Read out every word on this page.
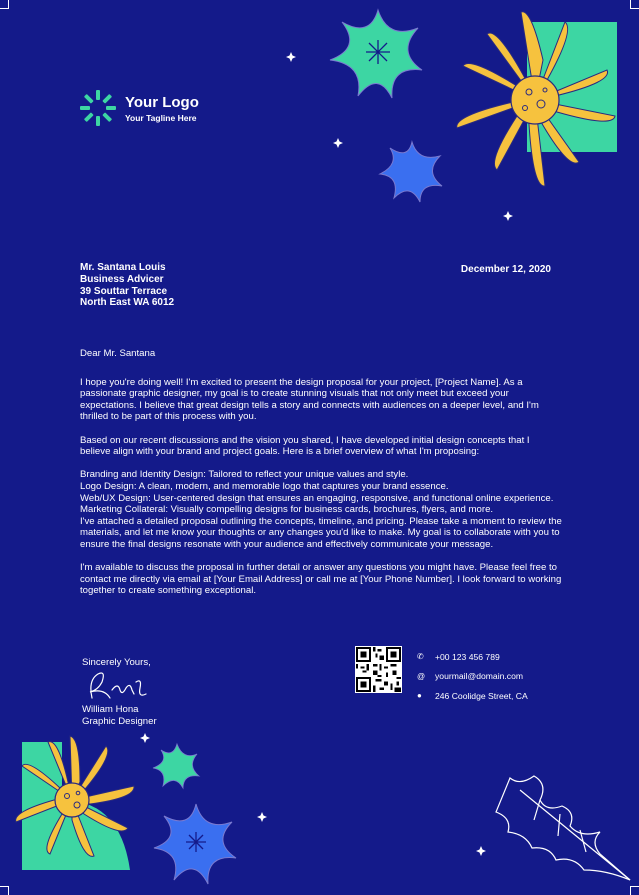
Your Logo
Your Tagline Here
Mr. Santana Louis
Business Advicer
39 Souttar Terrace
North East WA 6012
December 12, 2020

Dear Mr. Santana

I hope you're doing well! I'm excited to present the design proposal for your project, [Project Name]. As a passionate graphic designer, my goal is to create stunning visuals that not only meet but exceed your expectations. I believe that great design tells a story and connects with audiences on a deeper level, and I'm thrilled to be part of this process with you.

Based on our recent discussions and the vision you shared, I have developed initial design concepts that I believe align with your brand and project goals. Here is a brief overview of what I'm proposing:

Branding and Identity Design: Tailored to reflect your unique values and style.
Logo Design: A clean, modern, and memorable logo that captures your brand essence.
Web/UX Design: User-centered design that ensures an engaging, responsive, and functional online experience.
Marketing Collateral: Visually compelling designs for business cards, brochures, flyers, and more.

I've attached a detailed proposal outlining the concepts, timeline, and pricing. Please take a moment to review the materials, and let me know your thoughts or any changes you'd like to make. My goal is to collaborate with you to ensure the final designs resonate with your audience and effectively communicate your message.

I'm available to discuss the proposal in further detail or answer any questions you might have. Please feel free to contact me directly via email at [Your Email Address] or call me at [Your Phone Number]. I look forward to working together to create something exceptional.

Sincerely Yours,
William Hona
Graphic Designer
✆	+00 123 456 789
@	yourmail@domain.com
●	246 Coolidge Street, CA
